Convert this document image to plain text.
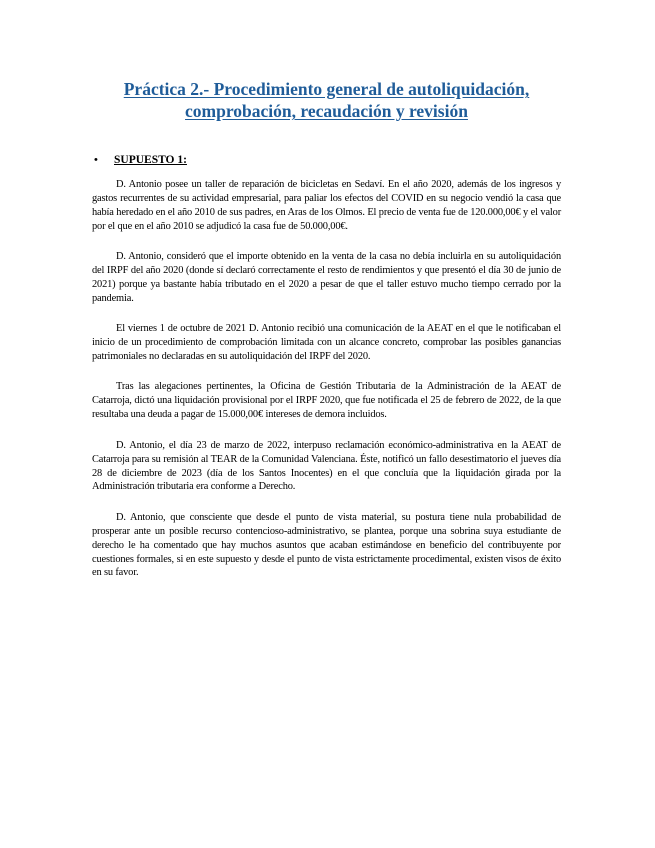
Práctica 2.- Procedimiento general de autoliquidación, comprobación, recaudación y revisión
•	SUPUESTO 1:

D. Antonio posee un taller de reparación de bicicletas en Sedaví. En el año 2020, además de los ingresos y gastos recurrentes de su actividad empresarial, para paliar los efectos del COVID en su negocio vendió la casa que había heredado en el año 2010 de sus padres, en Aras de los Olmos. El precio de venta fue de 120.000,00€ y el valor por el que en el año 2010 se adjudicó la casa fue de 50.000,00€.

D. Antonio, consideró que el importe obtenido en la venta de la casa no debía incluirla en su autoliquidación del IRPF del año 2020 (donde sí declaró correctamente el resto de rendimientos y que presentó el día 30 de junio de 2021) porque ya bastante había tributado en el 2020 a pesar de que el taller estuvo mucho tiempo cerrado por la pandemia.

El viernes 1 de octubre de 2021 D. Antonio recibió una comunicación de la AEAT en el que le notificaban el inicio de un procedimiento de comprobación limitada con un alcance concreto, comprobar las posibles ganancias patrimoniales no declaradas en su autoliquidación del IRPF del 2020.

Tras las alegaciones pertinentes, la Oficina de Gestión Tributaria de la Administración de la AEAT de Catarroja, dictó una liquidación provisional por el IRPF 2020, que fue notificada el 25 de febrero de 2022, de la que resultaba una deuda a pagar de 15.000,00€ intereses de demora incluidos.

D. Antonio, el día 23 de marzo de 2022, interpuso reclamación económico-administrativa en la AEAT de Catarroja para su remisión al TEAR de la Comunidad Valenciana. Éste, notificó un fallo desestimatorio el jueves día 28 de diciembre de 2023 (día de los Santos Inocentes) en el que concluía que la liquidación girada por la Administración tributaria era conforme a Derecho.

D. Antonio, que consciente que desde el punto de vista material, su postura tiene nula probabilidad de prosperar ante un posible recurso contencioso-administrativo, se plantea, porque una sobrina suya estudiante de derecho le ha comentado que hay muchos asuntos que acaban estimándose en beneficio del contribuyente por cuestiones formales, si en este supuesto y desde el punto de vista estrictamente procedimental, existen visos de éxito en su favor.
